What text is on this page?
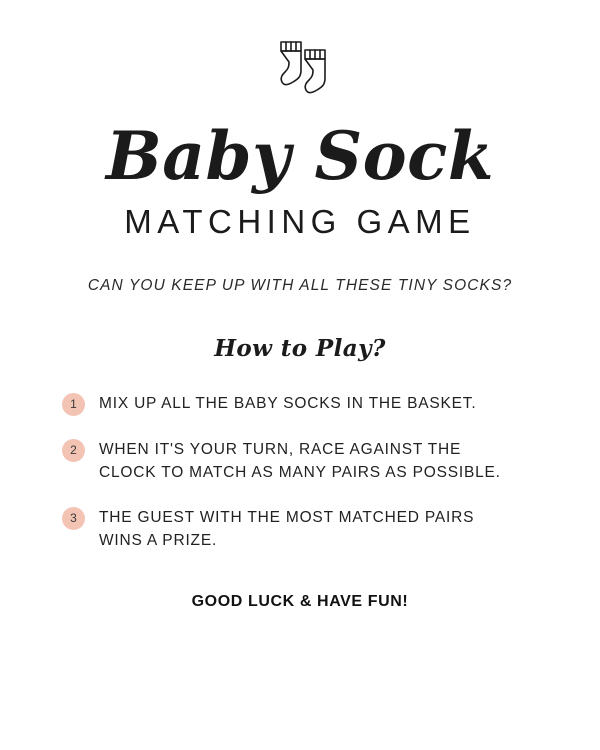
Baby Sock
MATCHING GAME
CAN YOU KEEP UP WITH ALL THESE TINY SOCKS?
How to Play?
1	MIX UP ALL THE BABY SOCKS IN THE BASKET.
2	WHEN IT'S YOUR TURN, RACE AGAINST THE CLOCK TO MATCH AS MANY PAIRS AS POSSIBLE.
3	THE GUEST WITH THE MOST MATCHED PAIRS WINS A PRIZE.
GOOD LUCK & HAVE FUN!
